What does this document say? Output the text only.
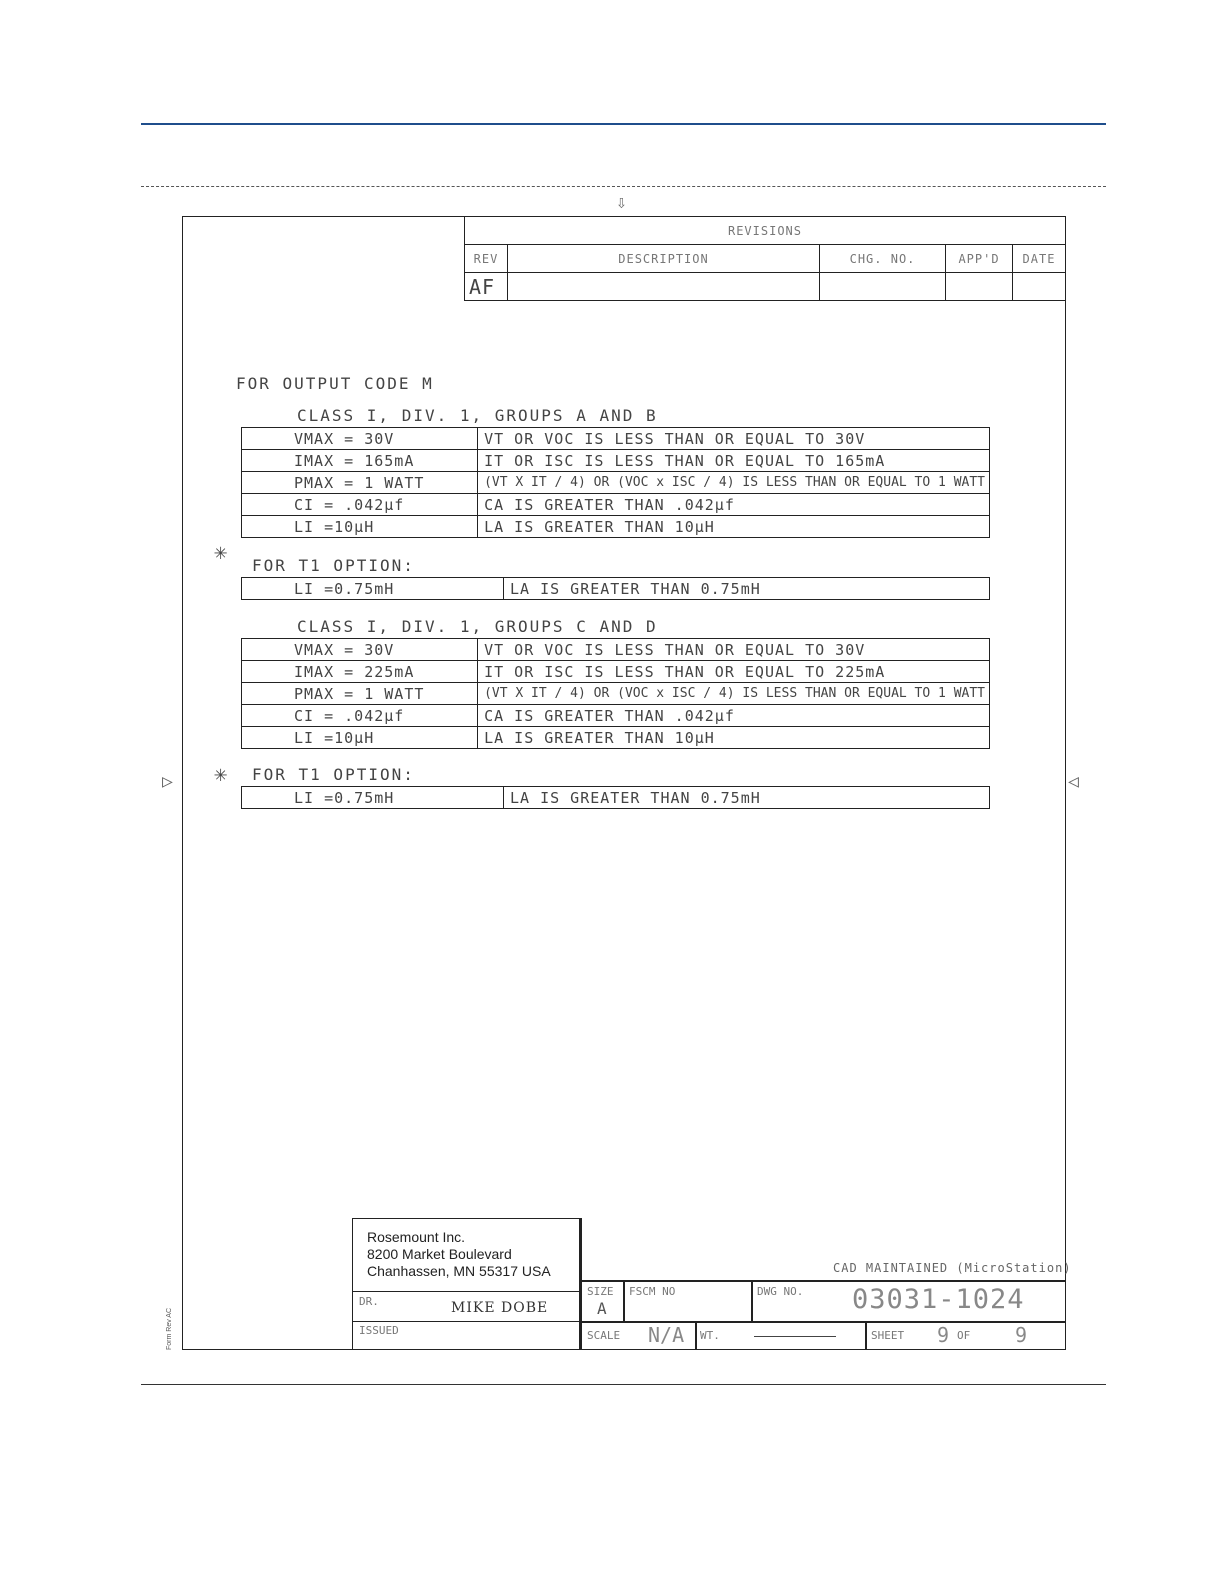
⇩
▷	◁
REVISIONS				
REV	DESCRIPTION	CHG. NO.	APP'D	DATE
AF				
FOR OUTPUT CODE M
CLASS I, DIV. 1, GROUPS A AND B
VMAX = 30V	VT OR VOC IS LESS THAN OR EQUAL TO 30V
IMAX = 165mA	IT OR ISC IS LESS THAN OR EQUAL TO 165mA
PMAX = 1 WATT	(VT X IT / 4) OR (VOC x ISC / 4) IS LESS THAN OR EQUAL TO 1 WATT
CI = .042µf	CA IS GREATER THAN .042µf
LI =10µH	LA IS GREATER THAN 10µH
✳
FOR T1 OPTION:
LI =0.75mH	LA IS GREATER THAN 0.75mH
CLASS I, DIV. 1, GROUPS C AND D
VMAX = 30V	VT OR VOC IS LESS THAN OR EQUAL TO 30V
IMAX = 225mA	IT OR ISC IS LESS THAN OR EQUAL TO 225mA
PMAX = 1 WATT	(VT X IT / 4) OR (VOC x ISC / 4) IS LESS THAN OR EQUAL TO 1 WATT
CI = .042µf	CA IS GREATER THAN .042µf
LI =10µH	LA IS GREATER THAN 10µH
✳ FOR T1 OPTION:
LI =0.75mH	LA IS GREATER THAN 0.75mH
Rosemount Inc.
8200 Market Boulevard
Chanhassen, MN 55317 USA	CAD MAINTAINED (MicroStation)
DR.	MIKE DOBE
ISSUED
SIZE
A
FSCM NO	DWG NO. 03031-1024
SCALE N/A WT.	SHEET 9 OF 9
Form Rev AC
